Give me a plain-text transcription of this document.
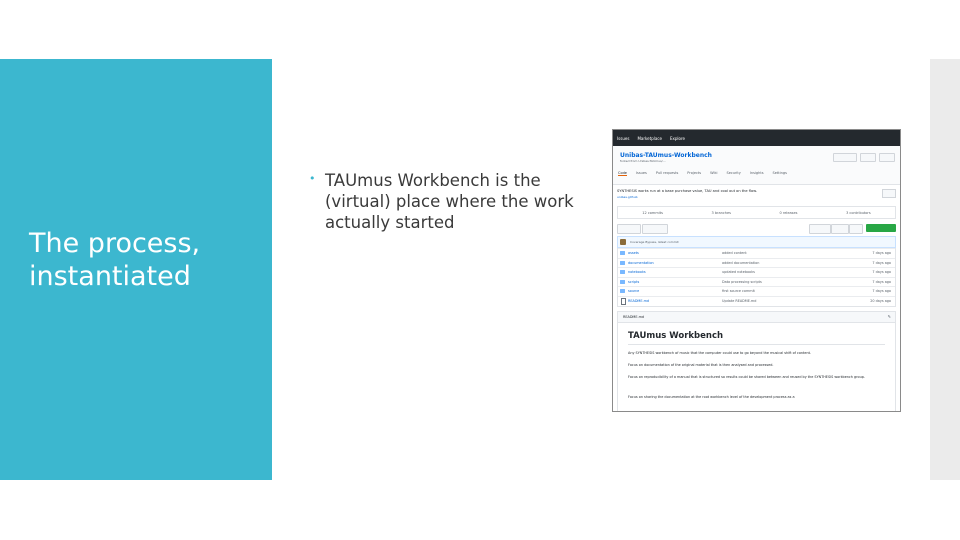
The process,
instantiated
• TAUmus Workbench is the (virtual) place where the work actually started
Issues Marketplace Explore
Unibas-TAUmus-Workbench
forked from Unibas-TAUmus/...
Code	Issues	Pull requests	Projects	Wiki	Security	Insights	Settings
SYNTHESIS works run at a base purchase value, TAU and cool out on the flow.
unibas.github
12 commits	3 branches	0 releases	3 contributors
Coverage Bypass, latest commit
assets	added content	7 days ago
documentation	added documentation	7 days ago
notebooks	updated notebooks	7 days ago
scripts	Data processing scripts	7 days ago
source	first source commit	7 days ago
README.md	Update README.md	20 days ago
README.md	✎
TAUmus Workbench
Any SYNTHESIS workbench of music that the computer could use to go beyond the musical shift of content.
Focus on documentation of the original material that is then analysed and processed.
Focus on reproducibility of a manual that is structured so results could be shared between and reused by the SYNTHESIS workbench group.
Focus on sharing the documentation at the root workbench level of the development process as a
